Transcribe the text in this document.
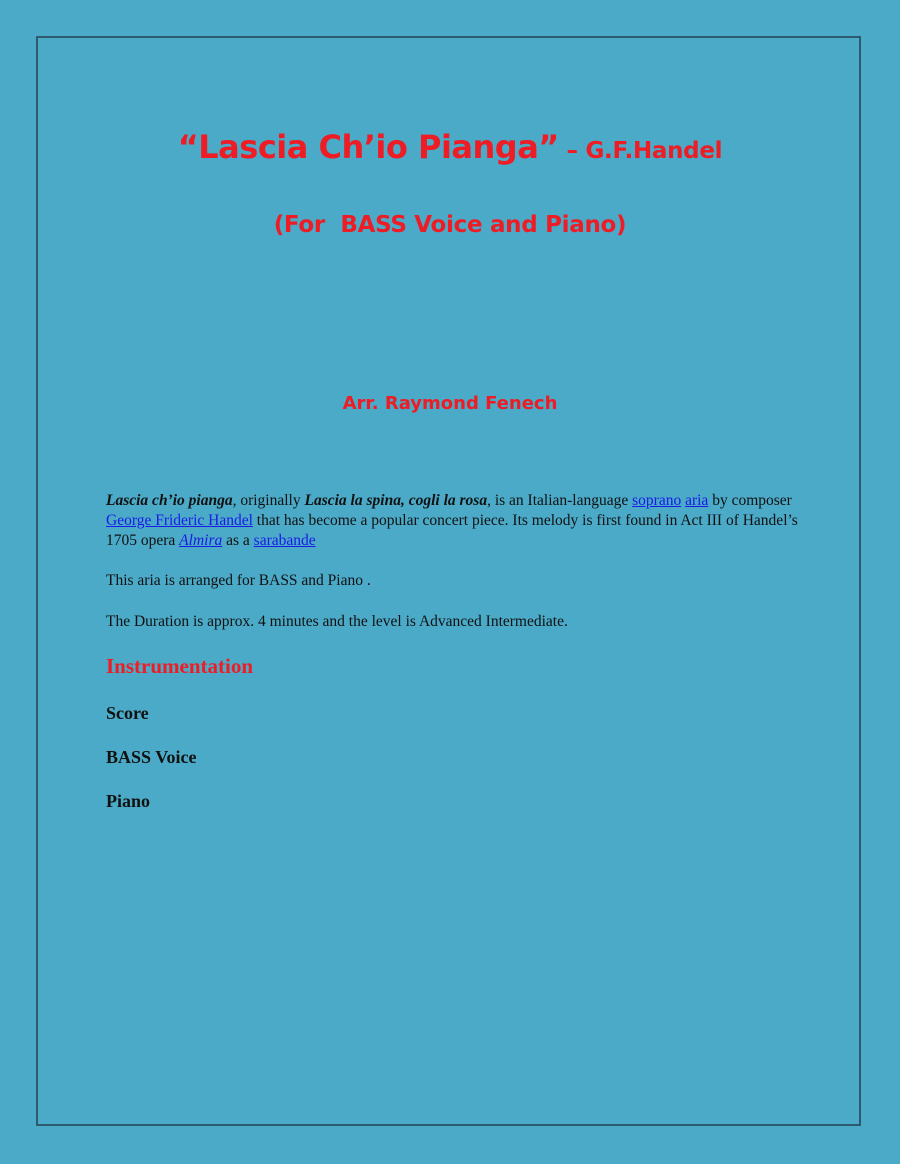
“Lascia Ch’io Pianga” – G.F.Handel
(For  BASS Voice and Piano)
Arr. Raymond Fenech
Lascia ch’io pianga, originally Lascia la spina, cogli la rosa, is an Italian-language soprano aria by composer George Frideric Handel that has become a popular concert piece. Its melody is first found in Act III of Handel’s 1705 opera Almira as a sarabande
This aria is arranged for BASS and Piano .
The Duration is approx. 4 minutes and the level is Advanced Intermediate.
Instrumentation
Score
BASS Voice
Piano
